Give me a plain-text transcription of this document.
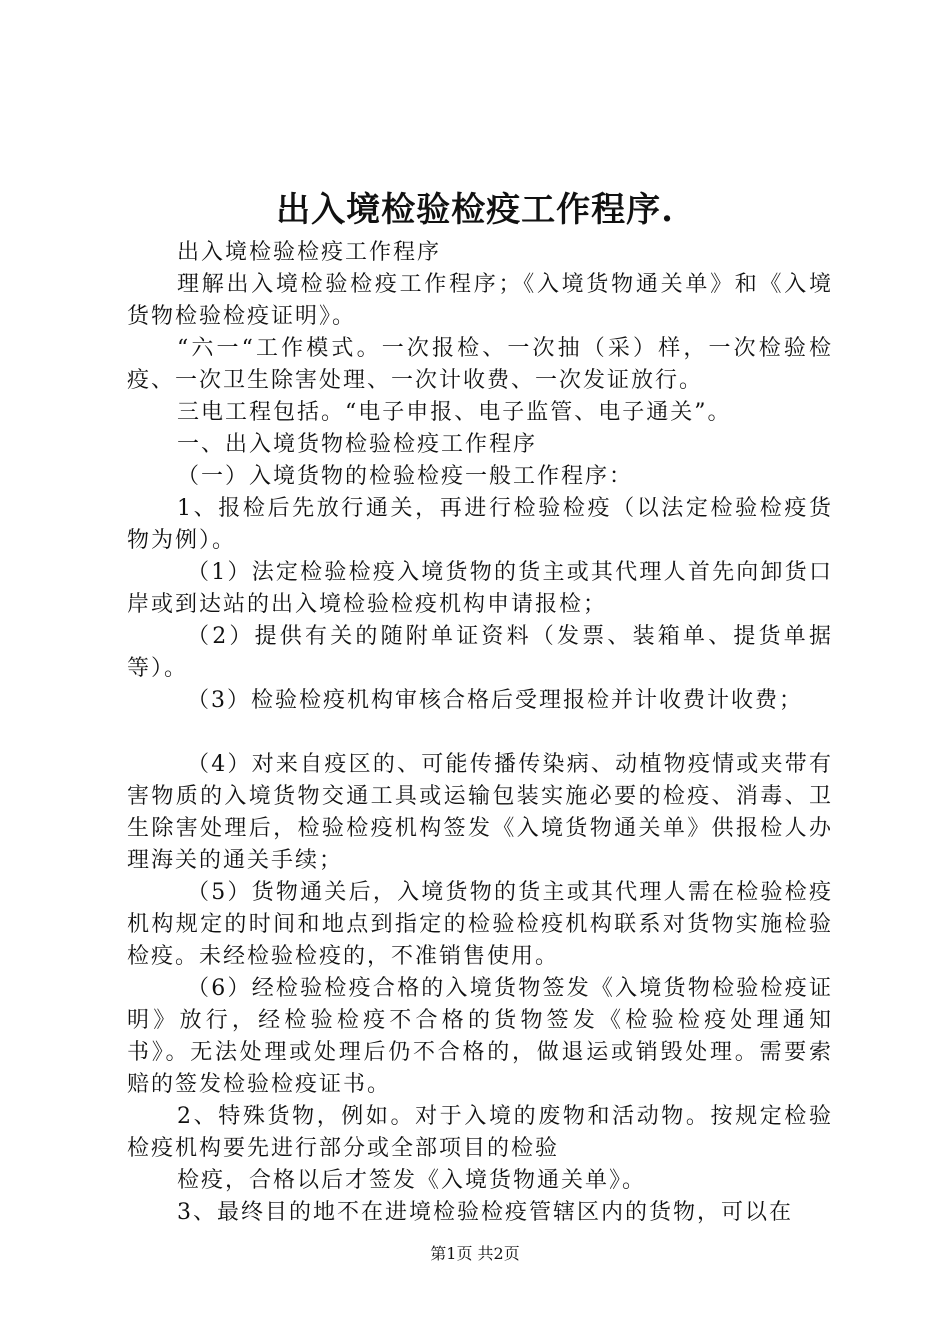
出入境检验检疫工作程序.

出入境检验检疫工作程序

理解出入境检验检疫工作程序；《入境货物通关单》和《入境货物检验检疫证明》。

“六一“工作模式。一次报检、一次抽（采）样，一次检验检疫、一次卫生除害处理、一次计收费、一次发证放行。

三电工程包括。“电子申报、电子监管、电子通关”。

一、出入境货物检验检疫工作程序

（一）入境货物的检验检疫一般工作程序：

1、报检后先放行通关，再进行检验检疫（以法定检验检疫货物为例）。

（1）法定检验检疫入境货物的货主或其代理人首先向卸货口岸或到达站的出入境检验检疫机构申请报检；

（2）提供有关的随附单证资料（发票、装箱单、提货单据等）。

（3）检验检疫机构审核合格后受理报检并计收费计收费；

（4）对来自疫区的、可能传播传染病、动植物疫情或夹带有害物质的入境货物交通工具或运输包装实施必要的检疫、消毒、卫生除害处理后，检验检疫机构签发《入境货物通关单》供报检人办理海关的通关手续；

（5）货物通关后，入境货物的货主或其代理人需在检验检疫机构规定的时间和地点到指定的检验检疫机构联系对货物实施检验检疫。未经检验检疫的，不准销售使用。

（6）经检验检疫合格的入境货物签发《入境货物检验检疫证明》放行，经检验检疫不合格的货物签发《检验检疫处理通知书》。无法处理或处理后仍不合格的，做退运或销毁处理。需要索赔的签发检验检疫证书。

2、特殊货物，例如。对于入境的废物和活动物。按规定检验检疫机构要先进行部分或全部项目的检验

检疫，合格以后才签发《入境货物通关单》。

3、最终目的地不在进境检验检疫管辖区内的货物，可以在

第1页 共2页
